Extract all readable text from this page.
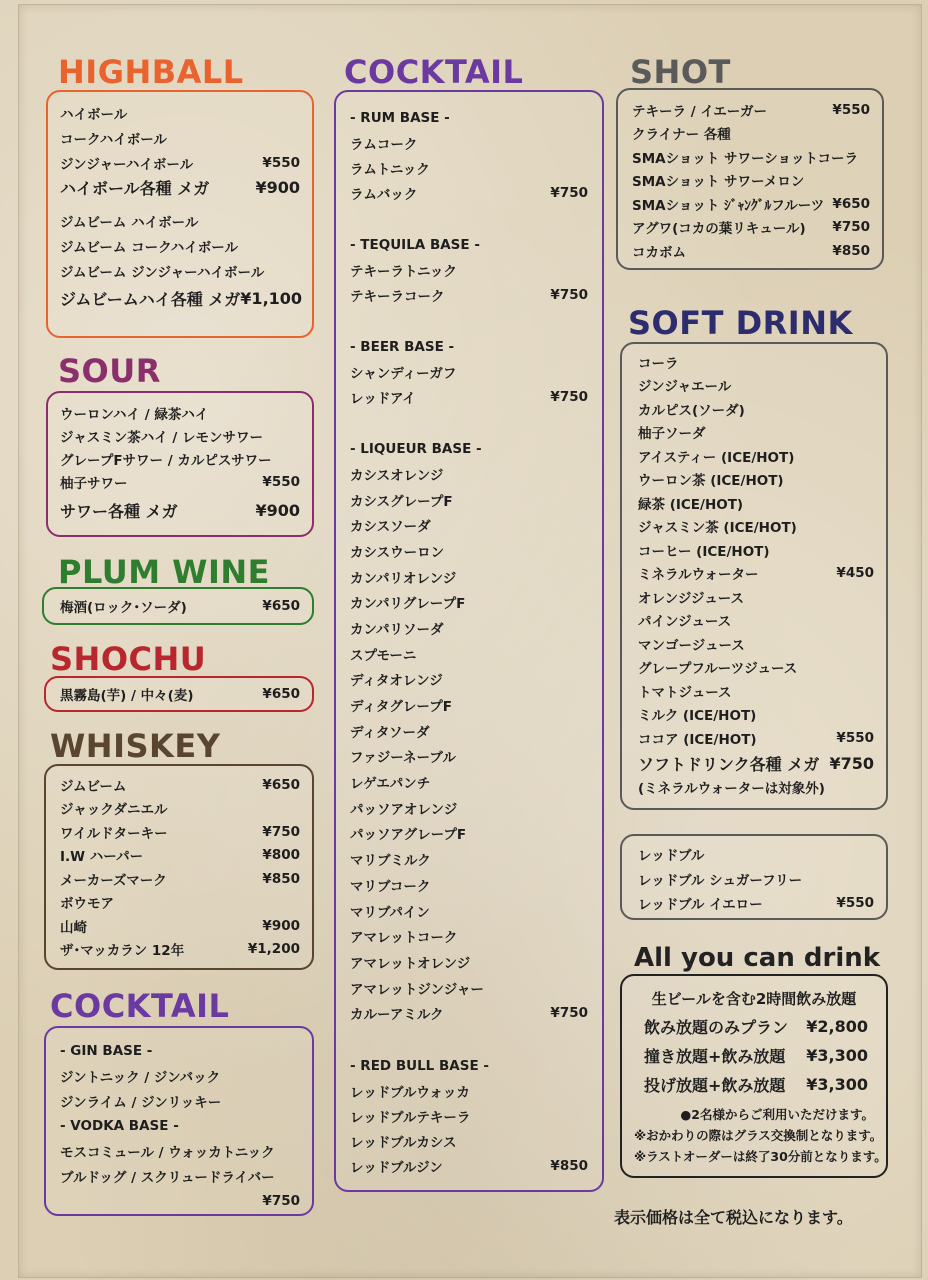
HIGHBALL
ハイボール
コークハイボール
ジンジャーハイボール	¥550
ハイボール各種 メガ	¥900
ジムビーム ハイボール
ジムビーム コークハイボール
ジムビーム ジンジャーハイボール
ジムビームハイ各種 メガ ¥1,100
SOUR
ウーロンハイ / 緑茶ハイ
ジャスミン茶ハイ / レモンサワー
グレープFサワー / カルピスサワー
柚子サワー	¥550
サワー各種 メガ	¥900
PLUM WINE
梅酒(ロック･ソーダ)	¥650
SHOCHU
黒霧島(芋) / 中々(麦)	¥650
WHISKEY
ジムビーム	¥650
ジャックダニエル
ワイルドターキー	¥750
I.W ハーパー	¥800
メーカーズマーク	¥850
ボウモア
山崎	¥900
ザ･マッカラン 12年	¥1,200
COCKTAIL
- GIN BASE -
ジントニック / ジンバック
ジンライム / ジンリッキー
- VODKA BASE -
モスコミュール / ウォッカトニック
ブルドッグ / スクリュードライバー
¥750
COCKTAIL
- RUM BASE -
ラムコーク
ラムトニック
ラムバック	¥750
- TEQUILA BASE -
テキーラトニック
テキーラコーク	¥750
- BEER BASE -
シャンディーガフ
レッドアイ	¥750
- LIQUEUR BASE -
カシスオレンジ
カシスグレープF
カシスソーダ
カシスウーロン
カンパリオレンジ
カンパリグレープF
カンパリソーダ
スプモーニ
ディタオレンジ
ディタグレープF
ディタソーダ
ファジーネーブル
レゲエパンチ
パッソアオレンジ
パッソアグレープF
マリブミルク
マリブコーク
マリブパイン
アマレットコーク
アマレットオレンジ
アマレットジンジャー
カルーアミルク	¥750
- RED BULL BASE -
レッドブルウォッカ
レッドブルテキーラ
レッドブルカシス
レッドブルジン	¥850
SHOT
テキーラ / イエーガー	¥550
クライナー 各種
SMAショット サワーショットコーラ
SMAショット サワーメロン
SMAショット ｼﾞｬﾝｸﾞﾙフルーツ ¥650
アグワ(コカの葉リキュール) ¥750
コカボム	¥850
SOFT DRINK
コーラ
ジンジャエール
カルピス(ソーダ)
柚子ソーダ
アイスティー (ICE/HOT)
ウーロン茶 (ICE/HOT)
緑茶 (ICE/HOT)
ジャスミン茶 (ICE/HOT)
コーヒー (ICE/HOT)
ミネラルウォーター	¥450
オレンジジュース
パインジュース
マンゴージュース
グレープフルーツジュース
トマトジュース
ミルク (ICE/HOT)
ココア (ICE/HOT)	¥550
ソフトドリンク各種 メガ ¥750
(ミネラルウォーターは対象外)
レッドブル
レッドブル シュガーフリー
レッドブル イエロー	¥550
All you can drink
生ビールを含む2時間飲み放題
飲み放題のみプラン ¥2,800
撞き放題+飲み放題 ¥3,300
投げ放題+飲み放題 ¥3,300
●2名様からご利用いただけます。
※おかわりの際はグラス交換制となります。
※ラストオーダーは終了30分前となります。
表示価格は全て税込になります。
